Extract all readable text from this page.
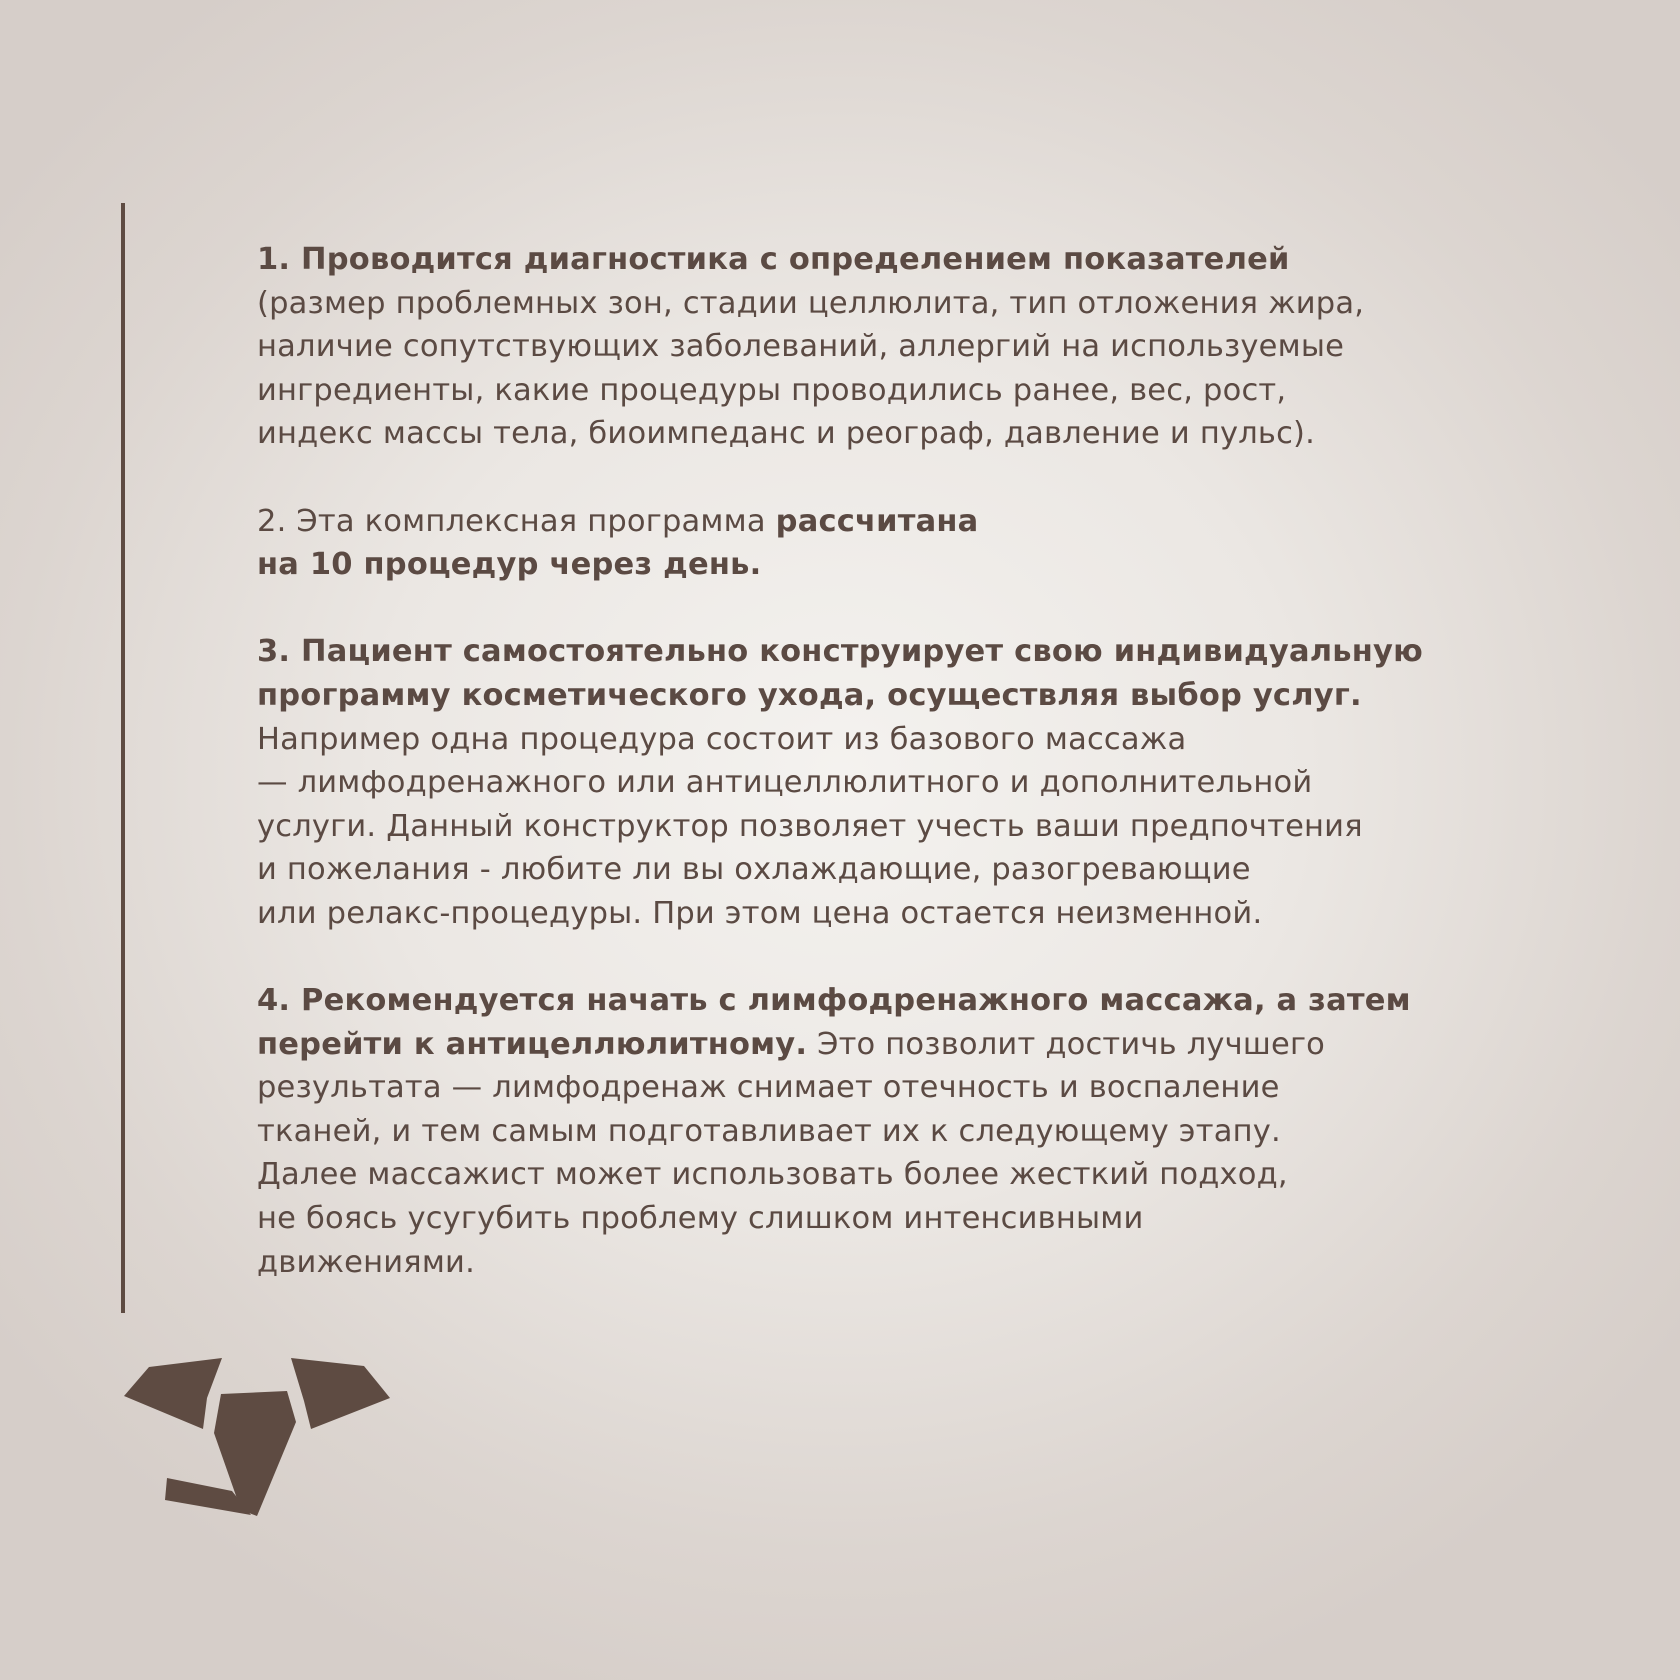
1. Проводится диагностика с определением показателей
(размер проблемных зон, стадии целлюлита, тип отложения жира,
наличие сопутствующих заболеваний, аллергий на используемые
ингредиенты, какие процедуры проводились ранее, вес, рост,
индекс массы тела, биоимпеданс и реограф, давление и пульс).

2. Эта комплексная программа рассчитана
на 10 процедур через день.

3. Пациент самостоятельно конструирует свою индивидуальную
программу косметического ухода, осуществляя выбор услуг.
Например одна процедура состоит из базового массажа
— лимфодренажного или антицеллюлитного и дополнительной
услуги. Данный конструктор позволяет учесть ваши предпочтения
и пожелания - любите ли вы охлаждающие, разогревающие
или релакс-процедуры. При этом цена остается неизменной.

4. Рекомендуется начать с лимфодренажного массажа, а затем
перейти к антицеллюлитному. Это позволит достичь лучшего
результата — лимфодренаж снимает отечность и воспаление
тканей, и тем самым подготавливает их к следующему этапу.
Далее массажист может использовать более жесткий подход,
не боясь усугубить проблему слишком интенсивными
движениями.
